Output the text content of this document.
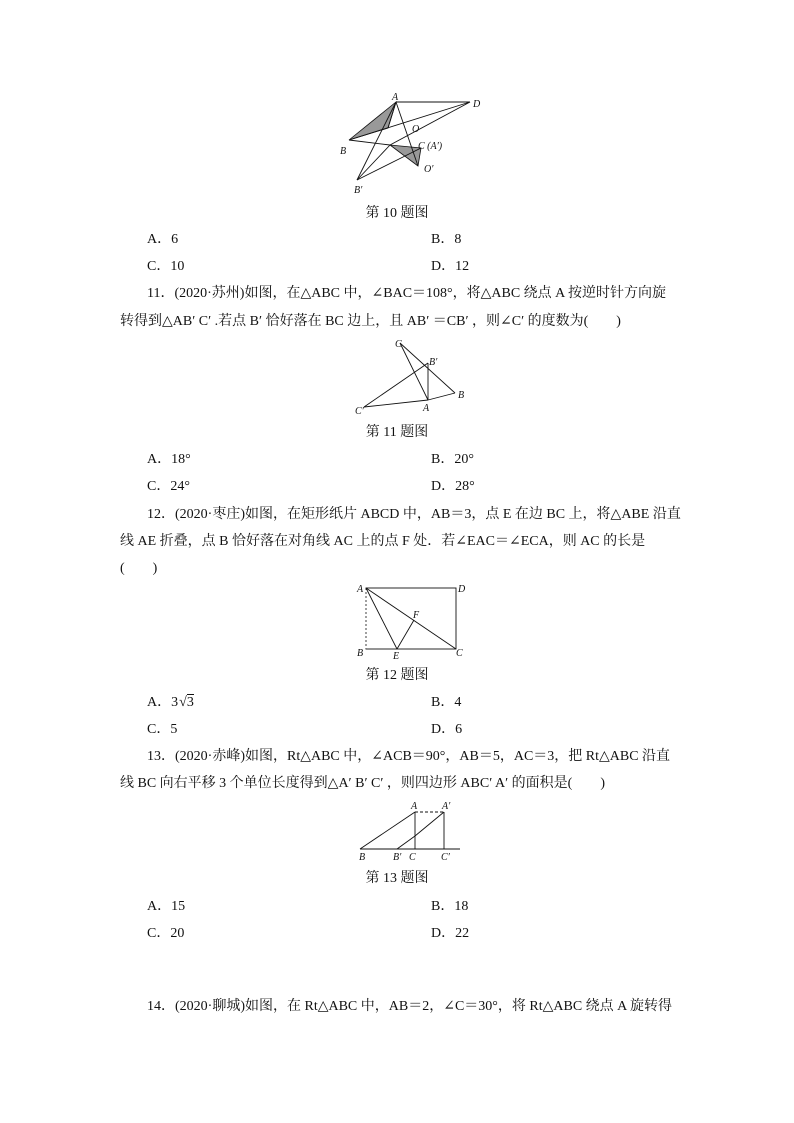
A
D
O
B	C (A′)
B′
O′
第 10 题图
A．6	B．8
C．10	D．12
11．(2020·苏州)如图，在△ABC 中，∠BAC＝108°，将△ABC 绕点 A 按逆时针方向旋
转得到△AB′ C′ .若点 B′ 恰好落在 BC 边上，且 AB′ ＝CB′ ，则∠C′ 的度数为(　　)
C
B′
C′	A
B
第 11 题图
A．18°	B．20°
C．24°	D．28°
12．(2020·枣庄)如图，在矩形纸片 ABCD 中，AB＝3，点 E 在边 BC 上，将△ABE 沿直
线 AE 折叠，点 B 恰好落在对角线 AC 上的点 F 处．若∠EAC＝∠ECA，则 AC 的长是
(　　)
A	D
F
B	E	C
第 12 题图
A．3√3	B．4
C．5	D．6
13．(2020·赤峰)如图，Rt△ABC 中，∠ACB＝90°，AB＝5，AC＝3，把 Rt△ABC 沿直
线 BC 向右平移 3 个单位长度得到△A′ B′ C′ ，则四边形 ABC′ A′ 的面积是(　　)
A A′
B	B′ C	C′
第 13 题图
A．15	B．18
C．20	D．22
14．(2020·聊城)如图，在 Rt△ABC 中，AB＝2，∠C＝30°，将 Rt△ABC 绕点 A 旋转得
